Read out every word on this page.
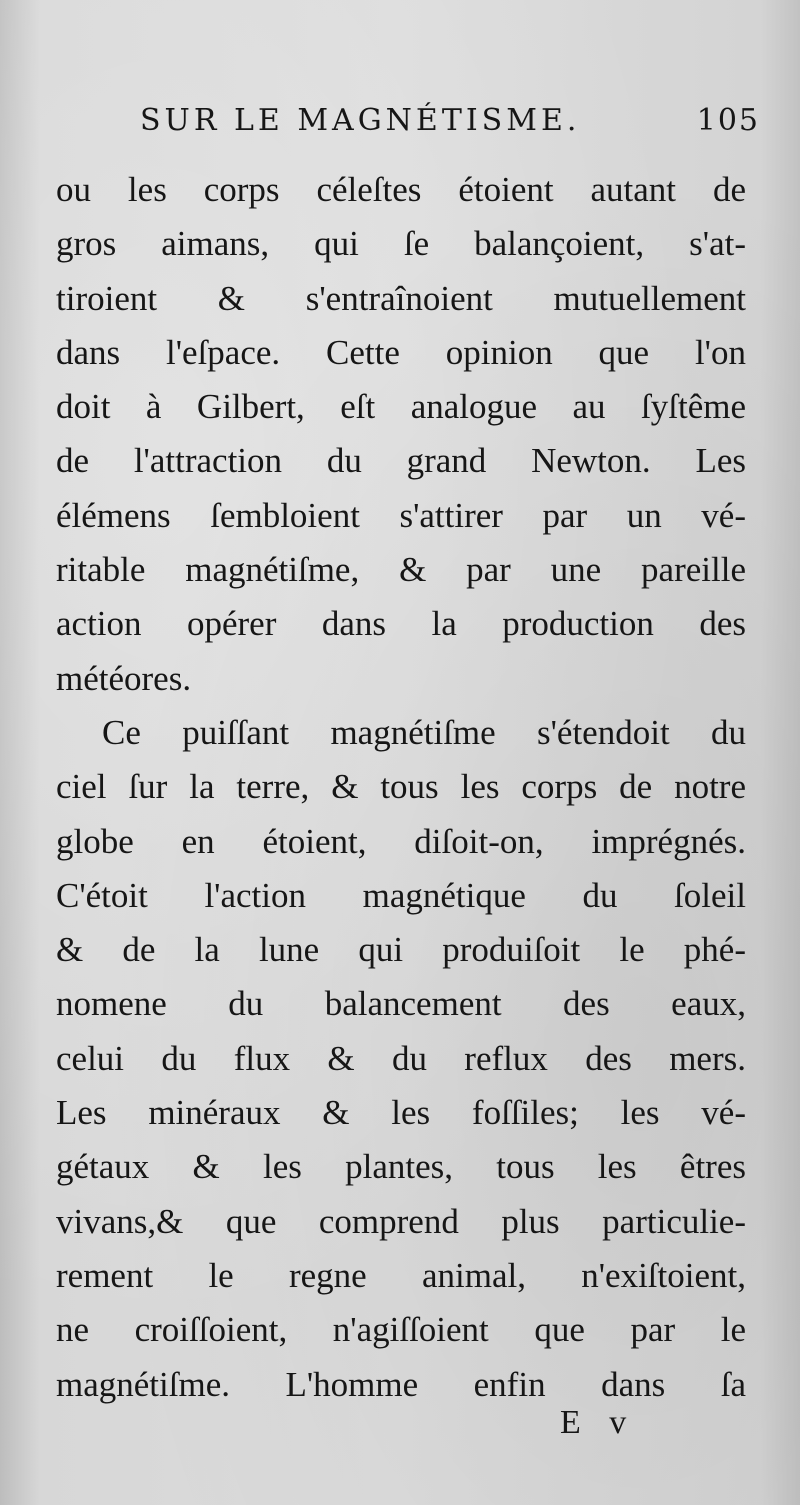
SUR LE MAGNÉTISME.	105
ou les corps céleſtes étoient autant de
gros aimans, qui ſe balançoient, s'at-
tiroient & s'entraînoient mutuellement
dans l'eſpace. Cette opinion que l'on
doit à Gilbert, eſt analogue au ſyſtême
de l'attraction du grand Newton. Les
élémens ſembloient s'attirer par un vé-
ritable magnétiſme, & par une pareille
action opérer dans la production des
météores.
Ce puiſſant magnétiſme s'étendoit du
ciel ſur la terre, & tous les corps de notre
globe en étoient, diſoit-on, imprégnés.
C'étoit l'action magnétique du ſoleil
& de la lune qui produiſoit le phé-
nomene du balancement des eaux,
celui du flux & du reflux des mers.
Les minéraux & les foſſiles; les vé-
gétaux & les plantes, tous les êtres
vivans,& que comprend plus particulie-
rement le regne animal, n'exiſtoient,
ne croiſſoient, n'agiſſoient que par le
magnétiſme. L'homme enfin dans ſa
E v
